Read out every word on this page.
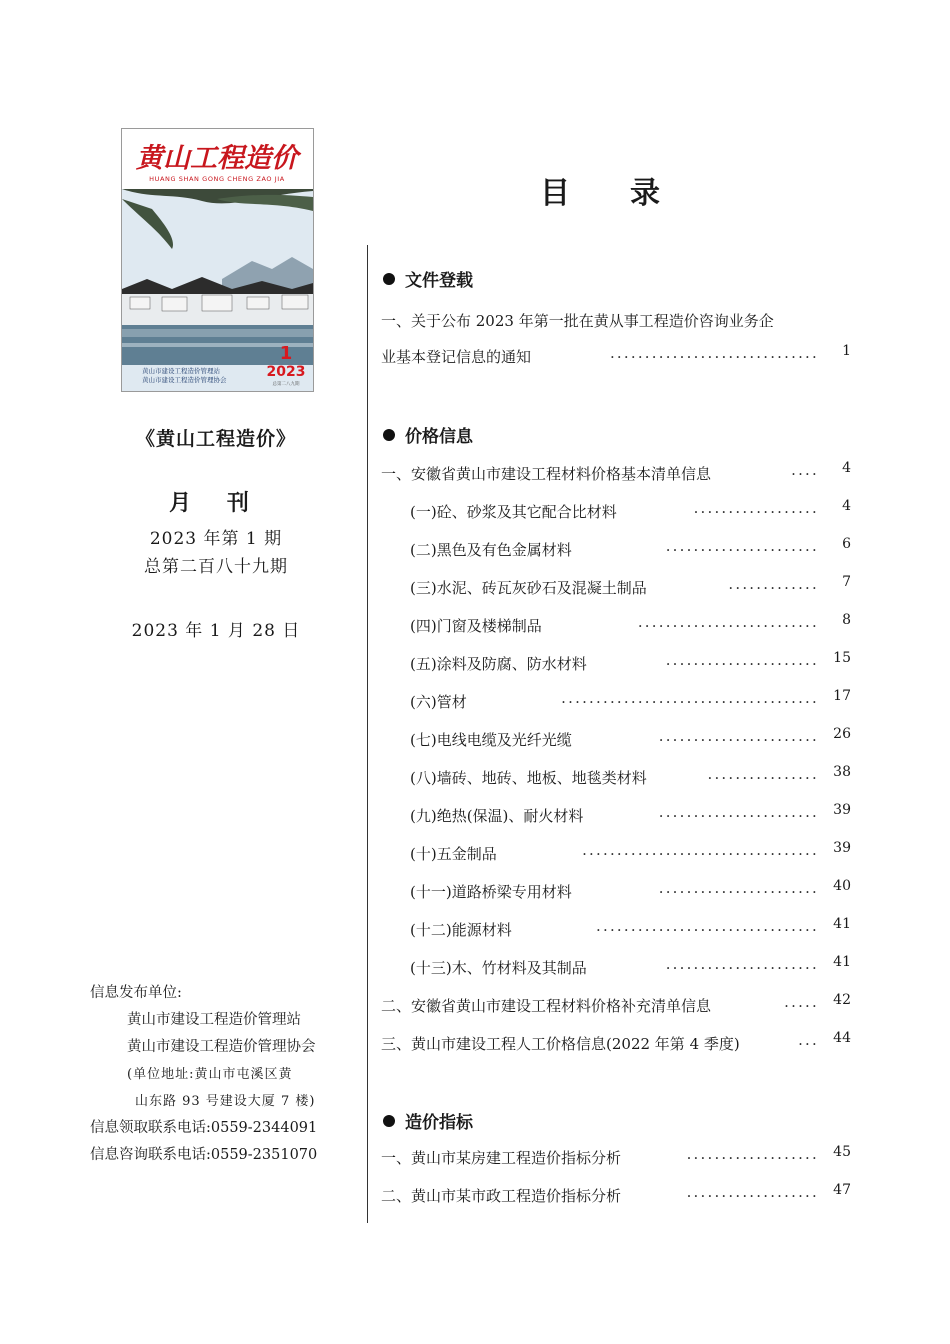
黄山工程造价
HUANG SHAN GONG CHENG ZAO JIA
1
2023
黄山市建设工程造价管理站
黄山市建设工程造价管理协会
总第二八九期
《黄山工程造价》
月 刊
2023 年第 1 期
总第二百八十九期
2023 年 1 月 28 日
信息发布单位:
黄山市建设工程造价管理站
黄山市建设工程造价管理协会
(单位地址:黄山市屯溪区黄
山东路 93 号建设大厦 7 楼)
信息领取联系电话:0559-2344091
信息咨询联系电话:0559-2351070
目录
文件登载
一、关于公布 2023 年第一批在黄从事工程造价咨询业务企
业基本登记信息的通知	······························	1
价格信息
一、安徽省黄山市建设工程材料价格基本清单信息	····	4
(一)砼、砂浆及其它配合比材料	··················	4
(二)黑色及有色金属材料	······················	6
(三)水泥、砖瓦灰砂石及混凝土制品	·············	7
(四)门窗及楼梯制品	··························	8
(五)涂料及防腐、防水材料	······················	15
(六)管材	·····································	17
(七)电线电缆及光纤光缆	·······················	26
(八)墙砖、地砖、地板、地毯类材料	················	38
(九)绝热(保温)、耐火材料	·······················	39
(十)五金制品	··································	39
(十一)道路桥梁专用材料	·······················	40
(十二)能源材料	································	41
(十三)木、竹材料及其制品	······················	41
二、安徽省黄山市建设工程材料价格补充清单信息	·····	42
三、黄山市建设工程人工价格信息(2022 年第 4 季度)	···	44
造价指标
一、黄山市某房建工程造价指标分析	···················	45
二、黄山市某市政工程造价指标分析	···················	47
